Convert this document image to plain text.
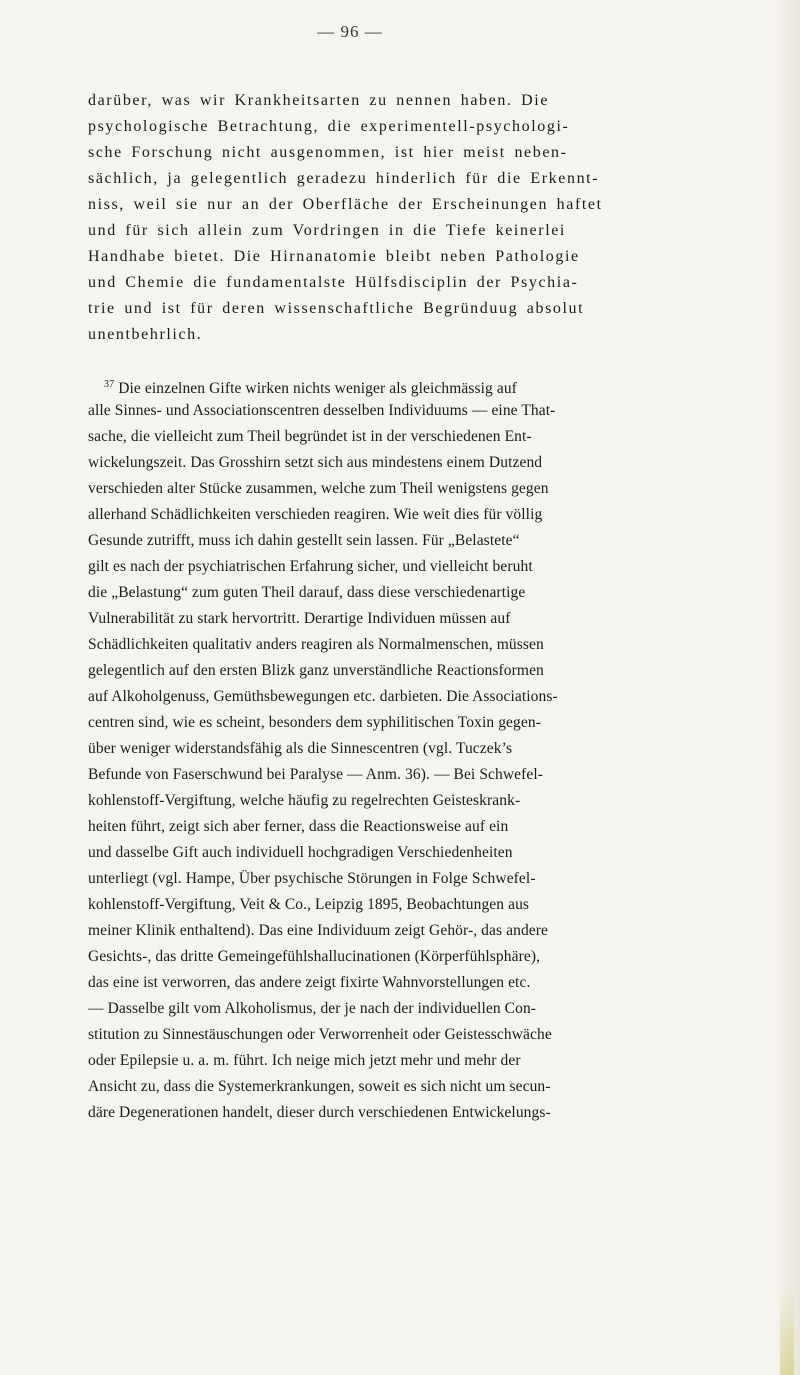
— 96 —
darüber, was wir Krankheitsarten zu nennen haben. Die
psychologische Betrachtung, die experimentell-psychologi-
sche Forschung nicht ausgenommen, ist hier meist neben-
sächlich, ja gelegentlich geradezu hinderlich für die Erkennt-
niss, weil sie nur an der Oberfläche der Erscheinungen haftet
und für sich allein zum Vordringen in die Tiefe keinerlei
Handhabe bietet. Die Hirnanatomie bleibt neben Pathologie
und Chemie die fundamentalste Hülfsdisciplin der Psychia-
trie und ist für deren wissenschaftliche Begründuug absolut
unentbehrlich.
$^{37}$ Die einzelnen Gifte wirken nichts weniger als gleichmässig auf
alle Sinnes- und Associationscentren desselben Individuums — eine That-
sache, die vielleicht zum Theil begründet ist in der verschiedenen Ent-
wickelungszeit. Das Grosshirn setzt sich aus mindestens einem Dutzend
verschieden alter Stücke zusammen, welche zum Theil wenigstens gegen
allerhand Schädlichkeiten verschieden reagiren. Wie weit dies für völlig
Gesunde zutrifft, muss ich dahin gestellt sein lassen. Für „Belastete“
gilt es nach der psychiatrischen Erfahrung sicher, und vielleicht beruht
die „Belastung“ zum guten Theil darauf, dass diese verschiedenartige
Vulnerabilität zu stark hervortritt. Derartige Individuen müssen auf
Schädlichkeiten qualitativ anders reagiren als Normalmenschen, müssen
gelegentlich auf den ersten Blizk ganz unverständliche Reactionsformen
auf Alkoholgenuss, Gemüthsbewegungen etc. darbieten. Die Associations-
centren sind, wie es scheint, besonders dem syphilitischen Toxin gegen-
über weniger widerstandsfähig als die Sinnescentren (vgl. Tuczek’s
Befunde von Faserschwund bei Paralyse — Anm. 36). — Bei Schwefel-
kohlenstoff-Vergiftung, welche häufig zu regelrechten Geisteskrank-
heiten führt, zeigt sich aber ferner, dass die Reactionsweise auf ein
und dasselbe Gift auch individuell hochgradigen Verschiedenheiten
unterliegt (vgl. Hampe, Über psychische Störungen in Folge Schwefel-
kohlenstoff-Vergiftung, Veit & Co., Leipzig 1895, Beobachtungen aus
meiner Klinik enthaltend). Das eine Individuum zeigt Gehör-, das andere
Gesichts-, das dritte Gemeingefühlshallucinationen (Körperfühlsphäre),
das eine ist verworren, das andere zeigt fixirte Wahnvorstellungen etc.
— Dasselbe gilt vom Alkoholismus, der je nach der individuellen Con-
stitution zu Sinnestäuschungen oder Verworrenheit oder Geistesschwäche
oder Epilepsie u. a. m. führt. Ich neige mich jetzt mehr und mehr der
Ansicht zu, dass die Systemerkrankungen, soweit es sich nicht um secun-
däre Degenerationen handelt, dieser durch verschiedenen Entwickelungs-
